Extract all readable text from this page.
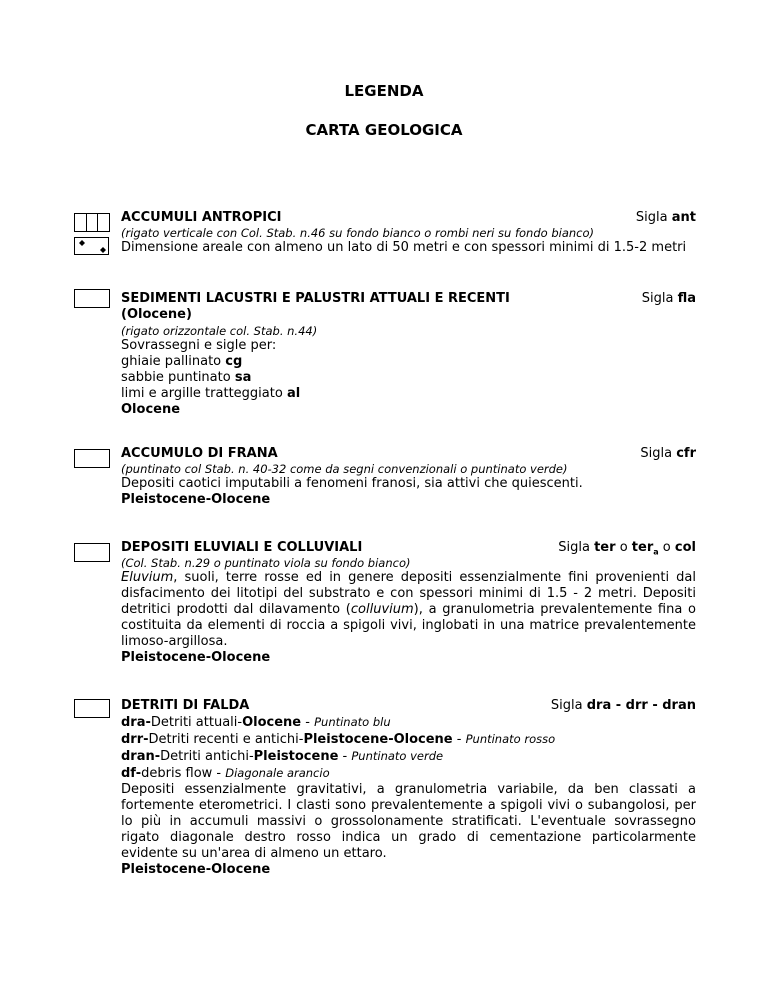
LEGENDA
CARTA GEOLOGICA
ACCUMULI ANTROPICI	Sigla ant
(rigato verticale con Col. Stab. n.46 su fondo bianco o rombi neri su fondo bianco)
Dimensione areale con almeno un lato di 50 metri e con spessori minimi di 1.5-2 metri
SEDIMENTI LACUSTRI E PALUSTRI ATTUALI E RECENTI	Sigla fla
(Olocene)
(rigato orizzontale col. Stab. n.44)
Sovrassegni e sigle per:
ghiaie pallinato cg
sabbie puntinato sa
limi e argille tratteggiato al
Olocene
ACCUMULO DI FRANA	Sigla cfr
(puntinato col Stab. n. 40-32 come da segni convenzionali o puntinato verde)
Depositi caotici imputabili a fenomeni franosi, sia attivi che quiescenti.
Pleistocene-Olocene
DEPOSITI ELUVIALI E COLLUVIALI	Sigla ter o ter$_a$ o col
(Col. Stab. n.29 o puntinato viola su fondo bianco)
Eluvium, suoli, terre rosse ed in genere depositi essenzialmente fini provenienti dal disfacimento dei litotipi del substrato e con spessori minimi di 1.5 - 2 metri. Depositi detritici prodotti dal dilavamento (colluvium), a granulometria prevalentemente fina o costituita da elementi di roccia a spigoli vivi, inglobati in una matrice prevalentemente limoso-argillosa.
Pleistocene-Olocene
DETRITI DI FALDA	Sigla dra - drr - dran
dra-Detriti attuali-Olocene - Puntinato blu
drr-Detriti recenti e antichi-Pleistocene-Olocene - Puntinato rosso
dran-Detriti antichi-Pleistocene - Puntinato verde
df-debris flow - Diagonale arancio
Depositi essenzialmente gravitativi, a granulometria variabile, da ben classati a fortemente eterometrici. I clasti sono prevalentemente a spigoli vivi o subangolosi, per lo più in accumuli massivi o grossolonamente stratificati. L'eventuale sovrassegno rigato diagonale destro rosso indica un grado di cementazione particolarmente evidente su un'area di almeno un ettaro.
Pleistocene-Olocene
